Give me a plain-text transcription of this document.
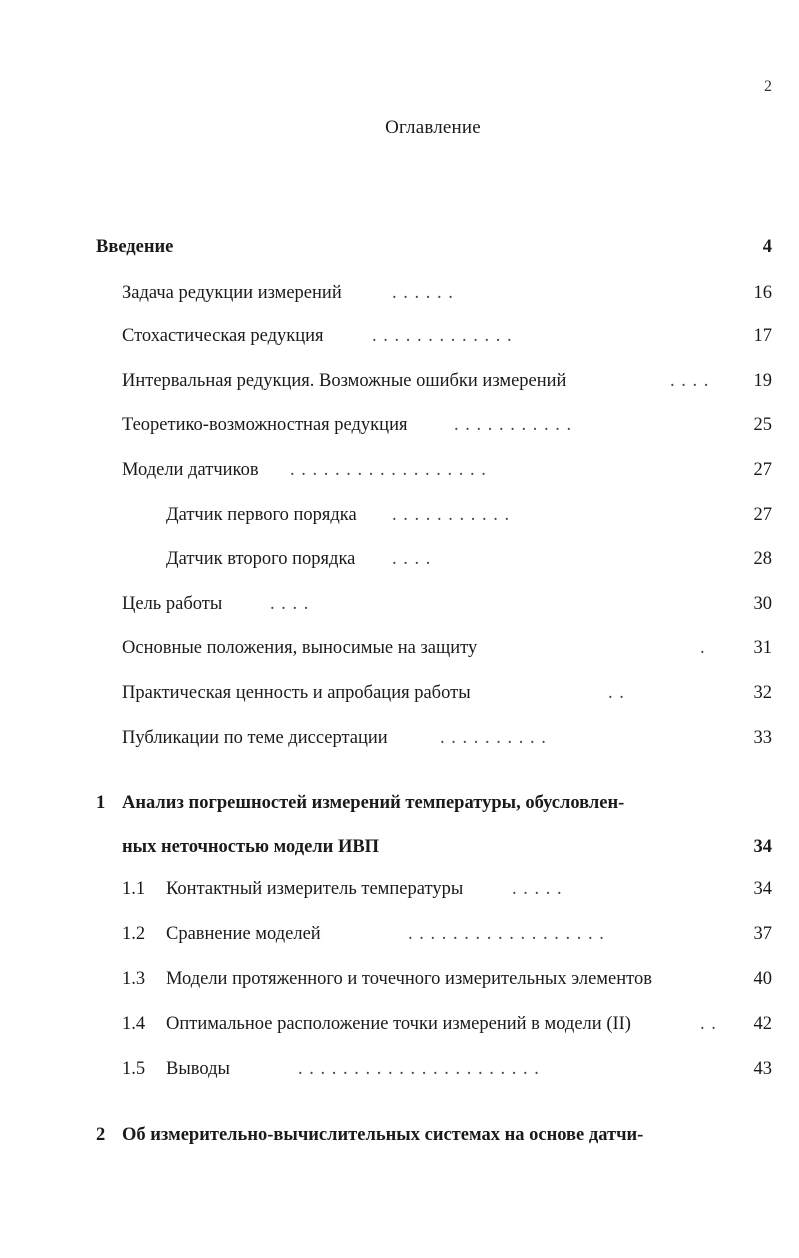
2
Оглавление
Введение	4
Задача редукции измерений	. . . . . .	16
Стохастическая редукция	. . . . . . . . . . . . .	17
Интервальная редукция. Возможные ошибки измерений	. . . . 19
Теоретико-возможностная редукция	. . . . . . . . . . .	25
Модели датчиков . . . . . . . . . . . . . . . . . .	27
Датчик первого порядка . . . . . . . . . . .	27
Датчик второго порядка . . . .	28
Цель работы	. . . .	30
Основные положения, выносимые на защиту	.	31
Практическая ценность и апробация работы	. .	32
Публикации по теме диссертации	. . . . . . . . . .	33
1 Анализ погрешностей измерений температуры, обусловлен-
ных неточностью модели ИВП	34
1.1 Контактный измеритель температуры	. . . . .	34
1.2 Сравнение моделей	. . . . . . . . . . . . . . . . . .	37
1.3 Модели протяженного и точечного измерительных элементов	40
1.4 Оптимальное расположение точки измерений в модели (II)	. . 42
1.5 Выводы	. . . . . . . . . . . . . . . . . . . . . .	43
2 Об измерительно-вычислительных системах на основе датчи-
